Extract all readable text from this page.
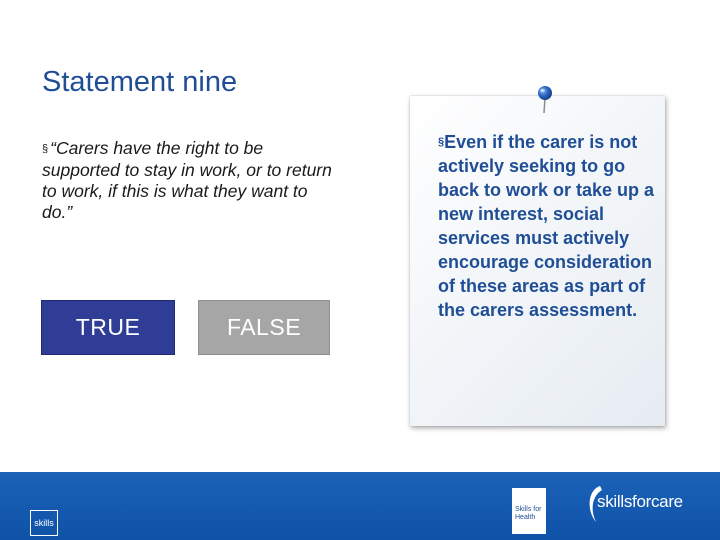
Statement nine
§ “Carers have the right to be supported to stay in work, or to return to work, if this is what they want to do.”
TRUE	FALSE
§Even if the carer is not actively seeking to go back to work or take up a new interest, social services must actively encourage consideration of these areas as part of the carers assessment.
skills
Skills for Health
skillsforcare
